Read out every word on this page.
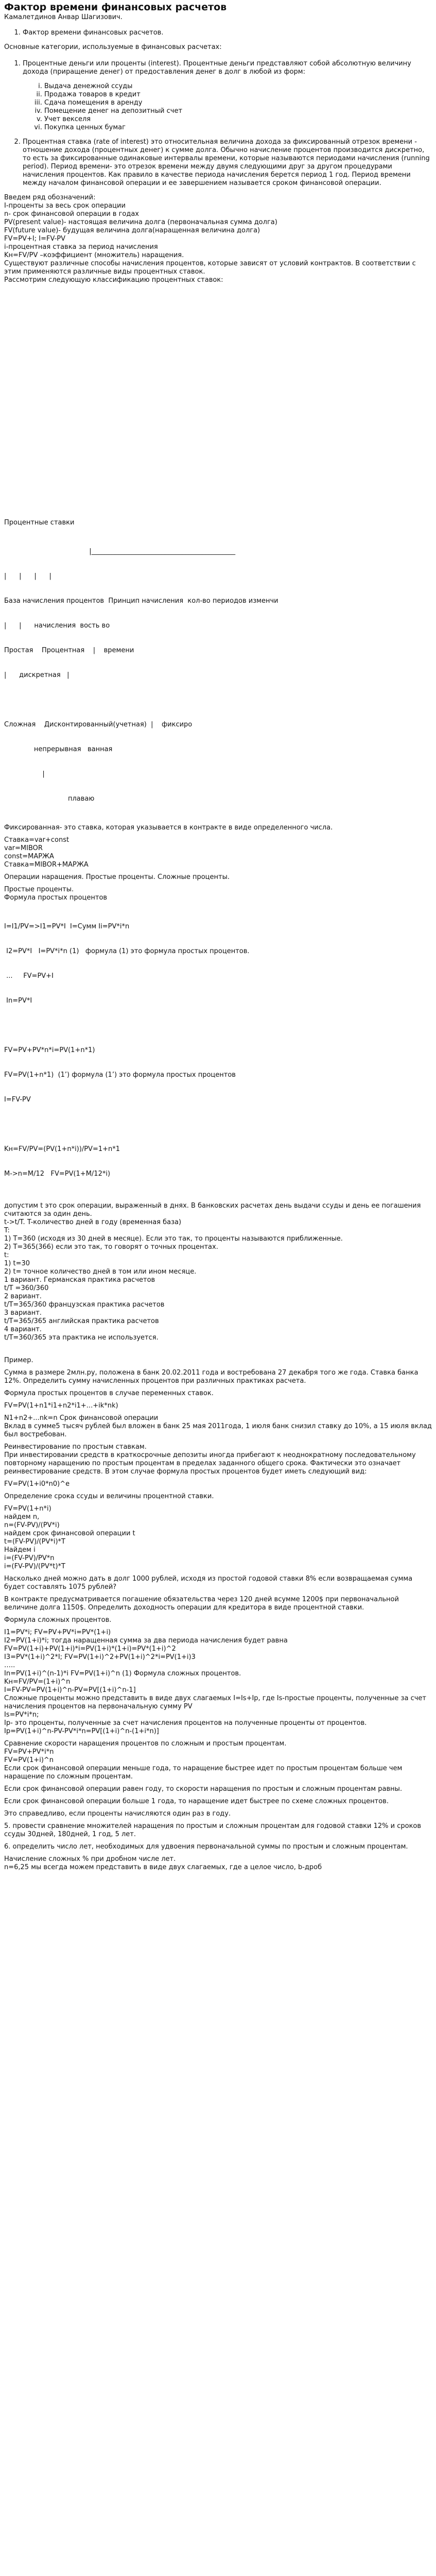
Фактор времени финансовых расчетов

Камалетдинов Анвар Шагизович.

1. Фактор времени финансовых расчетов.

Основные категории, используемые в финансовых расчетах:

1. Процентные деньги или проценты (interest). Процентные деньги представляют собой абсолютную величину дохода (приращение денег) от предоставления денег в долг в любой из форм:
i. Выдача денежной ссуды
ii. Продажа товаров в кредит
iii. Сдача помещения в аренду
iv. Помещение денег на депозитный счет
v. Учет векселя
vi. Покупка ценных бумаг
2. Процентная ставка (rate of interest) это относительная величина дохода за фиксированный отрезок времени - отношение дохода (процентных денег) к сумме долга. Обычно начисление процентов производится дискретно, то есть за фиксированные одинаковые интервалы времени, которые называются периодами начисления (running period). Период времени- это отрезок времени между двумя следующими друг за другом процедурами начисления процентов. Как правило в качестве периода начисления берется период 1 год. Период времени между началом финансовой операции и ее завершением называется сроком финансовой операции.

Введем ряд обозначений:

I-проценты за весь срок операции

n- срок финансовой операции в годах

PV(present value)- настоящая величина долга (первоначальная сумма долга)

FV(future value)- будущая величина долга(наращенная величина долга)

FV=PV+I; I=FV-PV

i-процентная ставка за период начисления

Kн=FV/PV –коэффициент (множитель) наращения.

Существуют различные способы начисления процентов, которые зависят от условий контрактов. В соответствии с этим применяются различные виды процентных ставок.

Рассмотрим следующую классификацию процентных ставок:

Процентные ставки

|___________________________________________

|      |      |      |

База начисления процентов  Принцип начисления  кол-во периодов изменчи

|      |      начисления  вость во

Простая    Процентная    |    времени

|      дискретная   |

Сложная    Дисконтированный(учетная)  |    фиксиро

непрерывная   ванная

|

плаваю

Фиксированная- это ставка, которая указывается в контракте в виде определенного числа.

Ставка=var+const

var=MIBOR

const=МАРЖА

Ставка=MIBOR+МАРЖА

Операции наращения. Простые проценты. Сложные проценты.

Простые проценты.

Формула простых процентов

I=I1/PV=>I1=PV*I  I=Сумм Ii=PV*i*n

I2=PV*I   I=PV*i*n (1)   формула (1) это формула простых процентов.

...     FV=PV+I

In=PV*I

FV=PV+PV*n*i=PV(1+n*1)

FV=PV(1+n*1)  (1’) формула (1’) это формула простых процентов

I=FV-PV

Kн=FV/PV=(PV(1+n*i))/PV=1+n*1

M->n=M/12   FV=PV(1+M/12*i)

допустим t это срок операции, выраженный в днях. В банковских расчетах день выдачи ссуды и день ее погашения считаются за один день.

t->t/T. T-количество дней в году (временная база)

T:

1) T=360 (исходя из 30 дней в месяце). Если это так, то проценты называются приближенные.

2) T=365(366) если это так, то говорят о точных процентах.

t:

1) t=30

2) t= точное количество дней в том или ином месяце.

1 вариант. Германская практика расчетов

t/T =360/360

2 вариант.

t/T=365/360 французская практика расчетов

3 вариант.

t/T=365/365 английская практика расчетов

4 вариант.

t/T=360/365 эта практика не используется.

Пример.

Сумма в размере 2млн.ру, положена в банк 20.02.2011 года и востребована 27 декабря того же года. Ставка банка 12%. Определить сумму начисленных процентов при различных практиках расчета.

Формула простых процентов в случае переменных ставок.

FV=PV(1+n1*i1+n2*i1+...+ik*nk)

N1+n2+...nk=n Срок финансовой операции

Вклад в сумме5 тысяч рублей был вложен в банк 25 мая 2011года, 1 июля банк снизил ставку до 10%, а 15 июля вклад был востребован.

Реинвестирование по простым ставкам.

При инвестировании средств в краткосрочные депозиты иногда прибегают к неоднократному последовательному повторному наращению по простым процентам в пределах заданного общего срока. Фактически это означает реинвестирование средств. В этом случае формула простых процентов будет иметь следующий вид:

FV=PV(1+i0*n0)^e

Определение срока ссуды и величины процентной ставки.

FV=PV(1+n*i)

найдем n,

n=(FV-PV)/(PV*i)

найдем срок финансовой операции t

t=(FV-PV)/(PV*i)*T

Найдем i

i=(FV-PV)/PV*n

i=(FV-PV)/(PV*t)*T

Насколько дней можно дать в долг 1000 рублей, исходя из простой годовой ставки 8% если возвращаемая сумма будет составлять 1075 рублей?

В контракте предусматривается погашение обязательства через 120 дней всумме 1200$ при первоначальной величине долга 1150$. Определить доходность операции для кредитора в виде процентной ставки.

Формула сложных процентов.

I1=PV*i; FV=PV+PV*i=PV*(1+i)

I2=PV(1+i)*i; тогда наращенная сумма за два периода начисления будет равна

FV=PV(1+i)+PV(1+i)*i=PV(1+i)*(1+i)=PV*(1+i)^2

I3=PV*(1+i)^2*I; FV=PV(1+i)^2+PV(1+i)^2*i=PV(1+i)3

…..

In=PV(1+i)^(n-1)*i FV=PV(1+i)^n (1) Формула сложных процентов.

Kн=FV/PV=(1+i)^n

I=FV-PV=PV(1+i)^n-PV=PV[(1+i)^n-1]

Сложные проценты можно представить в виде двух слагаемых I=Is+Ip, где Is-простые проценты, полученные за счет начисления процентов на первоначальную сумму PV

Is=PV*i*n;

Ip- это проценты, полученные за счет начисления процентов на полученные проценты от процентов.

Ip=PV(1+i)^n-PV-PV*i*n=PV[(1+i)^n-(1+i*n)]

Сравнение скорости наращения процентов по сложным и простым процентам.

FV=PV+PV*i*n

FV=PV(1+i)^n

Если срок финансовой операции меньше года, то наращение быстрее идет по простым процентам больше чем наращение по сложным процентам.

Если срок финансовой операции равен году, то скорости наращения по простым и сложным процентам равны.

Если срок финансовой операции больше 1 года, то наращение идет быстрее по схеме сложных процентов.

Это справедливо, если проценты начисляются один раз в году.

5. провести сравнение множителей наращения по простым и сложным процентам для годовой ставки 12% и сроков ссуды 30дней, 180дней, 1 год, 5 лет.

6. определить число лет, необходимых для удвоения первоначальной суммы по простым и сложным процентам.

Начисление сложных % при дробном числе лет.

n=6,25 мы всегда можем представить в виде двух слагаемых, где а целое число, b-дроб
